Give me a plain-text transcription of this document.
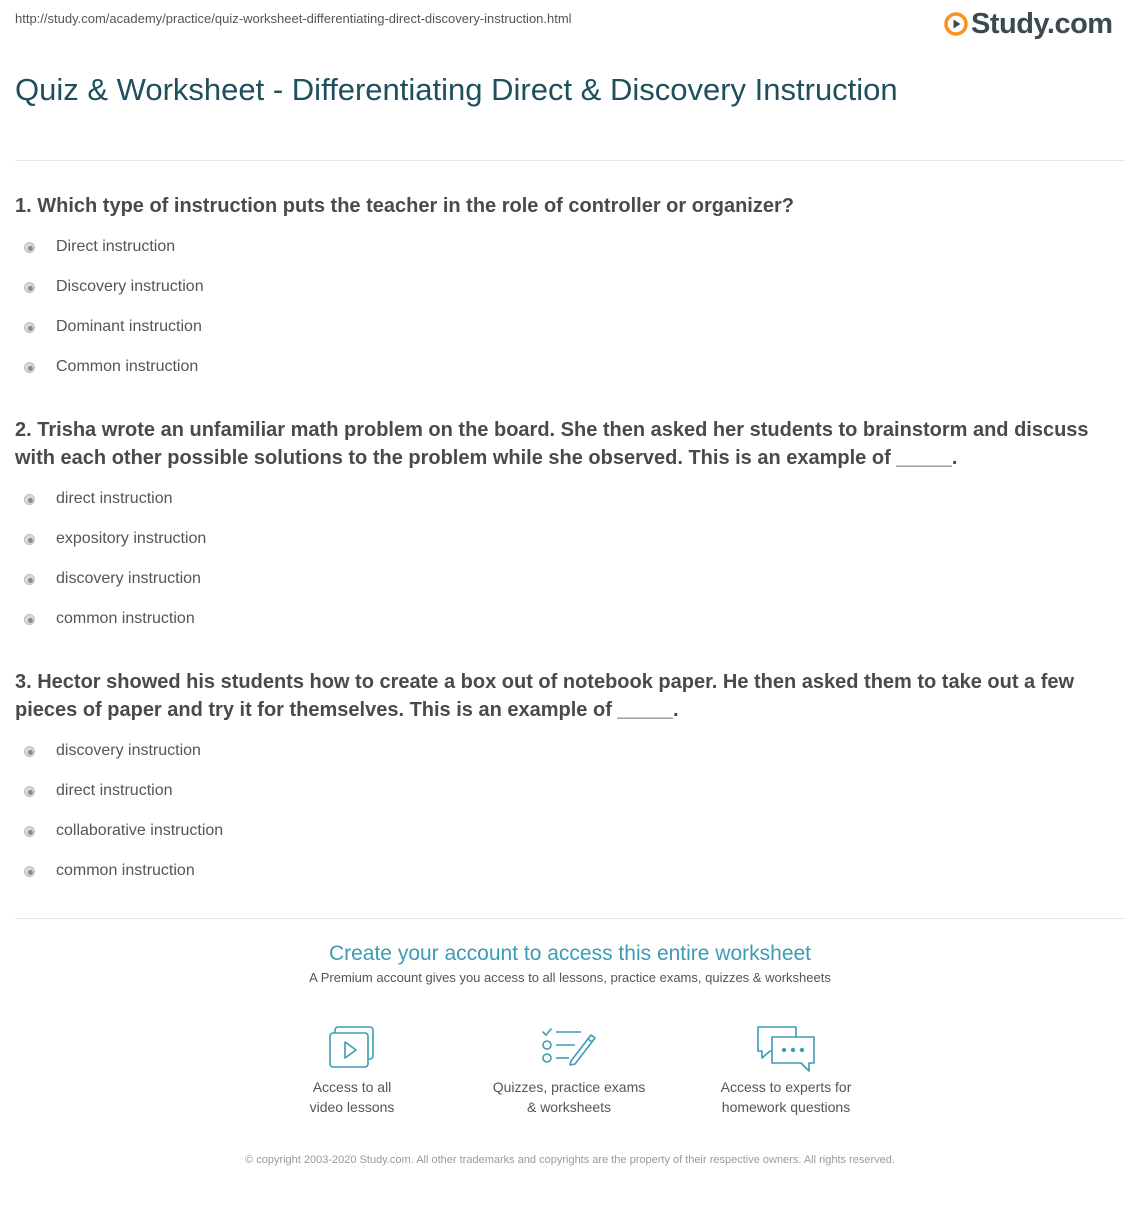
http://study.com/academy/practice/quiz-worksheet-differentiating-direct-discovery-instruction.html	Study.com
Quiz & Worksheet - Differentiating Direct & Discovery Instruction

1. Which type of instruction puts the teacher in the role of controller or organizer?

Direct instruction
Discovery instruction
Dominant instruction
Common instruction

2. Trisha wrote an unfamiliar math problem on the board. She then asked her students to brainstorm and discuss with each other possible solutions to the problem while she observed. This is an example of _____.

direct instruction
expository instruction
discovery instruction
common instruction

3. Hector showed his students how to create a box out of notebook paper. He then asked them to take out a few pieces of paper and try it for themselves. This is an example of _____.

discovery instruction
direct instruction
collaborative instruction
common instruction

Create your account to access this entire worksheet

A Premium account gives you access to all lessons, practice exams, quizzes & worksheets

Access to all
video lessons
Quizzes, practice exams
& worksheets
Access to experts for
homework questions

© copyright 2003-2020 Study.com. All other trademarks and copyrights are the property of their respective owners. All rights reserved.
